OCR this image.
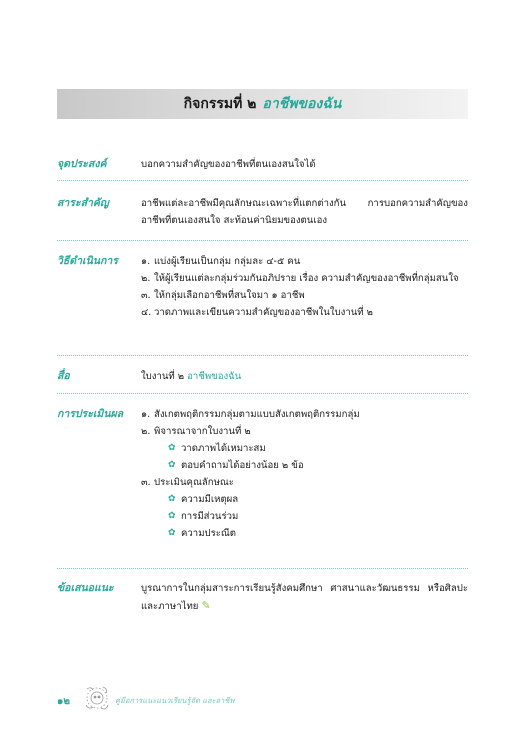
กิจกรรมที่ ๒ อาชีพของฉัน
จุดประสงค์	บอกความสำคัญของอาชีพที่ตนเองสนใจได้

สาระสำคัญ	อาชีพแต่ละอาชีพมีคุณลักษณะเฉพาะที่แตกต่างกัน การบอกความสำคัญของอาชีพที่ตนเองสนใจ สะท้อนค่านิยมของตนเอง

วิธีดำเนินการ	๑. แบ่งผู้เรียนเป็นกลุ่ม กลุ่มละ ๔-๕ คน
๒. ให้ผู้เรียนแต่ละกลุ่มร่วมกันอภิปราย เรื่อง ความสำคัญของอาชีพที่กลุ่มสนใจ
๓. ให้กลุ่มเลือกอาชีพที่สนใจมา ๑ อาชีพ
๔. วาดภาพและเขียนความสำคัญของอาชีพในใบงานที่ ๒
สื่อ	ใบงานที่ ๒ อาชีพของฉัน

การประเมินผล	๑. สังเกตพฤติกรรมกลุ่มตามแบบสังเกตพฤติกรรมกลุ่ม
๒. พิจารณาจากใบงานที่ ๒
✿ วาดภาพได้เหมาะสม
✿ ตอบคำถามได้อย่างน้อย ๒ ข้อ
๓. ประเมินคุณลักษณะ
✿ ความมีเหตุผล
✿ การมีส่วนร่วม
✿ ความประณีต
ข้อเสนอแนะ	บูรณาการในกลุ่มสาระการเรียนรู้สังคมศึกษา ศาสนาและวัฒนธรรม หรือศิลปะ และภาษาไทย ✎

๑๒	คู่มือการแนะแนวเรียนรู้จัด และอาชีพ
